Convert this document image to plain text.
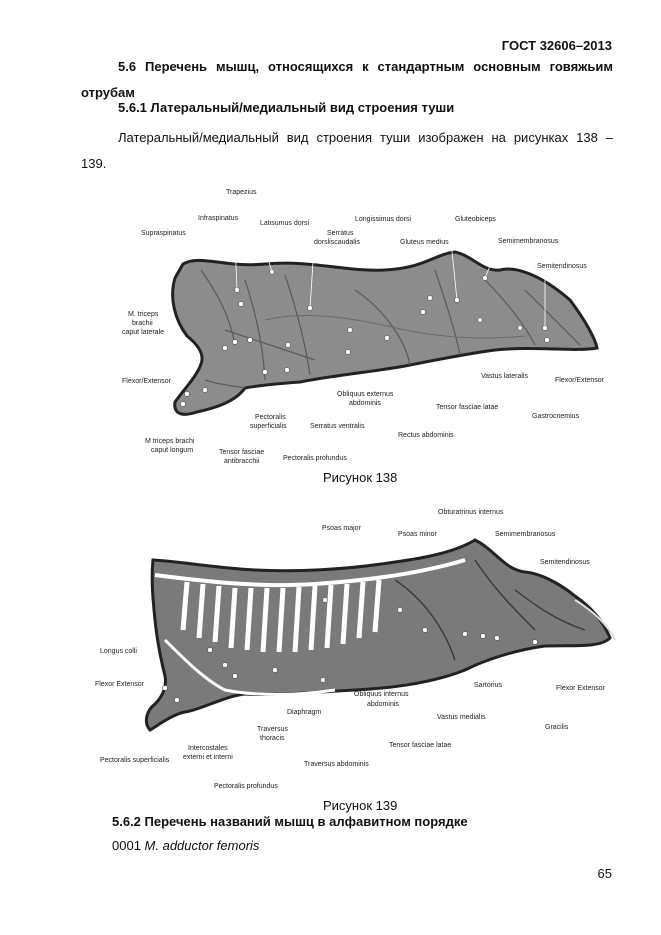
ГОСТ 32606–2013
5.6 Перечень мышц, относящихся к стандартным основным говяжьим
отрубам
5.6.1 Латеральный/медиальный вид строения туши
Латеральный/медиальный вид строения туши изображен на рисунках 138 –
139.
Trapezius
Infraspinatus
Supraspinatus
Latisumus dorsi
Serratus
dorsliscaudalis
Longissimus dorsi	Gluteobiceps
Gluteus medius	Semimembranosus
Semitendinosus
M. triceps
brachii
caput laterale
Flexor/Extensor
Obliquus externus
abdominis
Vastus lateralis
Flexor/Extensor
Tensor fasciae latae
Gastrocnemius
Pectoralis
superficialis	Serratus ventralis
Rectus abdominis
M triceps brachi
caput longum	Tensor fasciae
antibracchii	Pectoralis profundus
Рисунок 138
Obturatrinus internus
Psoas major
Psoas minor	Semimembranosus
Semitendinosus
Longus colli
Flexor Extensor	Sartorius	Flexor Extensor
Obliquus internus
abdominis
Diaphragm
Vastus medialis
Gracilis
Traversus
thoracis
Intercostales
externi et interni
Tensor fasciae latae
Pectoralis superficialis
Traversus abdominis
Pectoralis profundus
Рисунок 139
5.6.2 Перечень названий мышц в алфавитном порядке
0001 M. adductor femoris
65
